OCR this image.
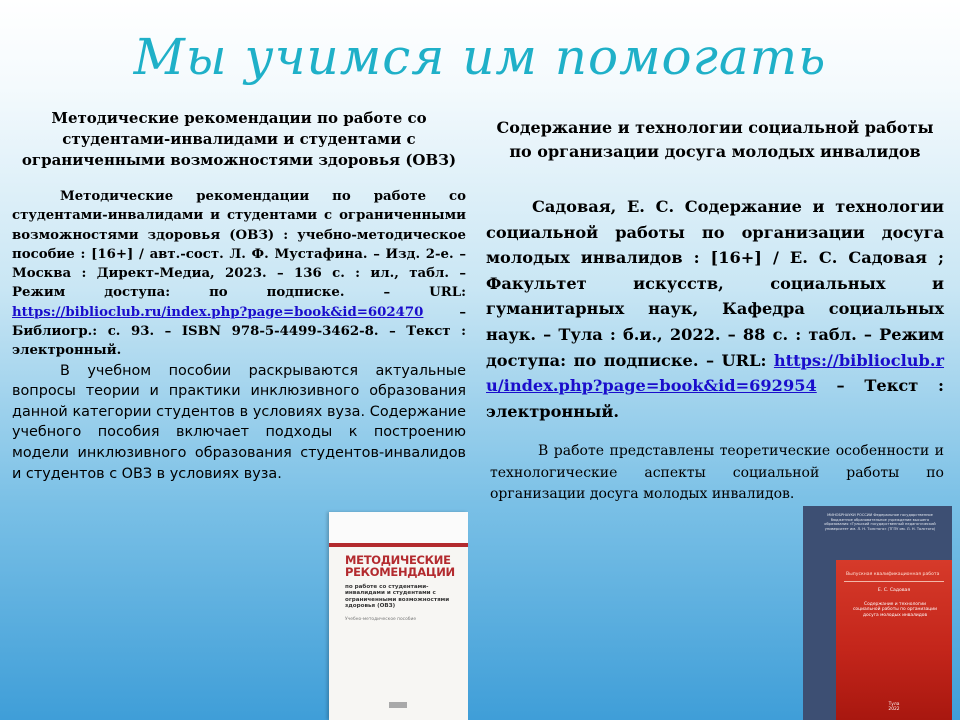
Мы учимся им помогать

Методические рекомендации по работе со студентами-инвалидами и студентами с ограниченными возможностями здоровья (ОВЗ)

Методические рекомендации по работе со студентами-инвалидами и студентами с ограниченными возможностями здоровья (ОВЗ) : учебно-методическое пособие : [16+] / авт.-сост. Л. Ф. Мустафина. – Изд. 2-е. – Москва : Директ-Медиа, 2023. – 136 с. : ил., табл. – Режим доступа: по подписке. – URL: https://biblioclub.ru/index.php?page=book&id=602470 – Библиогр.: с. 93. – ISBN 978-5-4499-3462-8. – Текст : электронный.

В учебном пособии раскрываются актуальные вопросы теории и практики инклюзивного образования данной категории студентов в условиях вуза. Содержание учебного пособия включает подходы к построению модели инклюзивного образования студентов-инвалидов и студентов с ОВЗ в условиях вуза.

Содержание и технологии социальной работы по организации досуга молодых инвалидов

Садовая, Е. С. Содержание и технологии социальной работы по организации досуга молодых инвалидов : [16+] / Е. С. Садовая ; Факультет искусств, социальных и гуманитарных наук, Кафедра социальных наук. – Тула : б.и., 2022. – 88 с. : табл. – Режим доступа: по подписке. – URL: https://biblioclub.ru/index.php?page=book&id=692954 – Текст : электронный.

В работе представлены теоретические особенности и технологические аспекты социальной работы по организации досуга молодых инвалидов.

МЕТОДИЧЕСКИЕ РЕКОМЕНДАЦИИ
по работе со студентами-инвалидами и студентами с ограниченными возможностями здоровья (ОВЗ)
Учебно-методическое пособие
МИНОБРНАУКИ РОССИИ Федеральное государственное бюджетное образовательное учреждение высшего образования «Тульский государственный педагогический университет им. Л. Н. Толстого» (ТГПУ им. Л. Н. Толстого)
Выпускная квалификационная работа
Е. С. Садовая
Содержание и технологии социальной работы по организации досуга молодых инвалидов
Тула
2022
